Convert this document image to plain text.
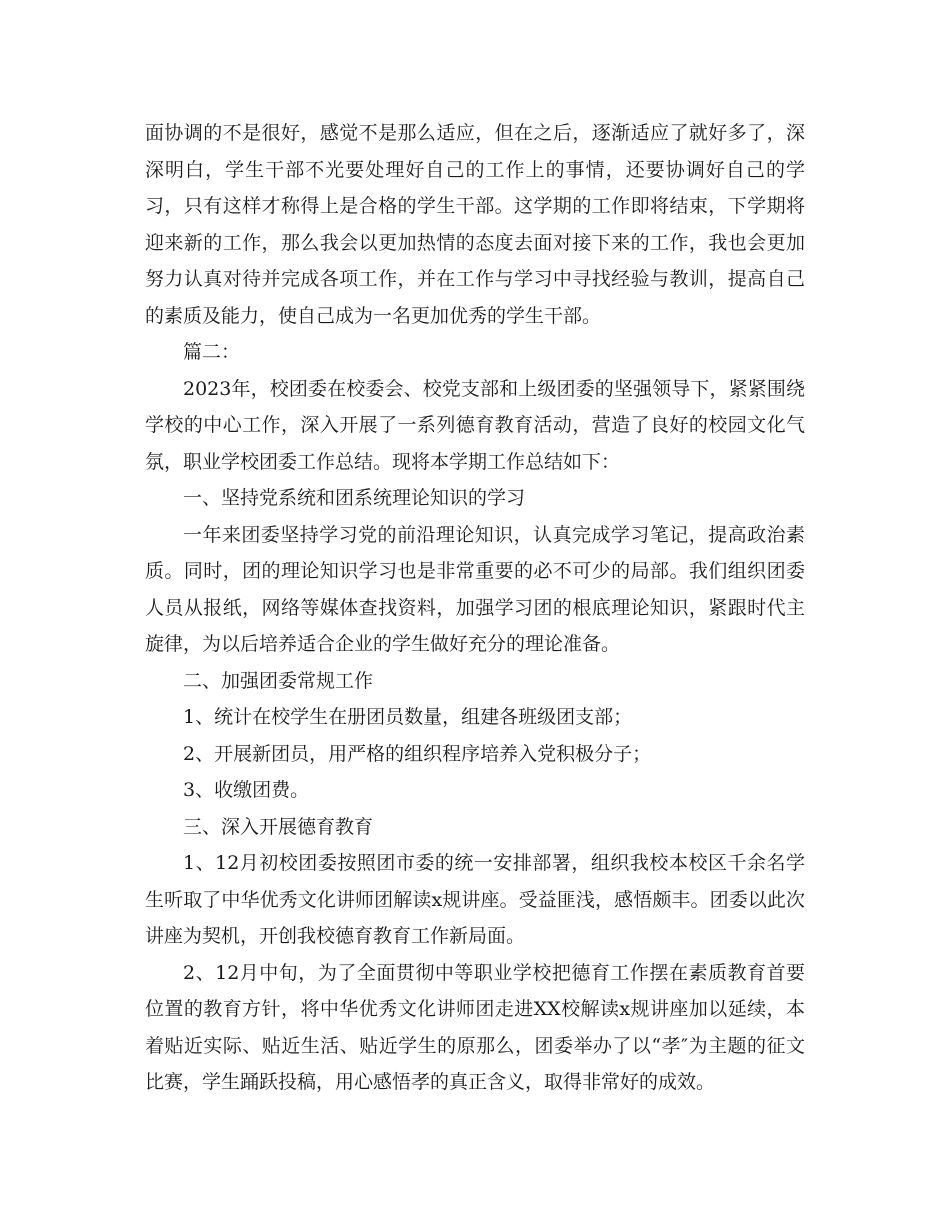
面协调的不是很好，感觉不是那么适应，但在之后，逐渐适应了就好多了，深深明白，学生干部不光要处理好自己的工作上的事情，还要协调好自己的学习，只有这样才称得上是合格的学生干部。这学期的工作即将结束，下学期将迎来新的工作，那么我会以更加热情的态度去面对接下来的工作，我也会更加努力认真对待并完成各项工作，并在工作与学习中寻找经验与教训，提高自己的素质及能力，使自己成为一名更加优秀的学生干部。

篇二：

2023年，校团委在校委会、校党支部和上级团委的坚强领导下，紧紧围绕学校的中心工作，深入开展了一系列德育教育活动，营造了良好的校园文化气氛，职业学校团委工作总结。现将本学期工作总结如下：

一、坚持党系统和团系统理论知识的学习

一年来团委坚持学习党的前沿理论知识，认真完成学习笔记，提高政治素质。同时，团的理论知识学习也是非常重要的必不可少的局部。我们组织团委人员从报纸，网络等媒体查找资料，加强学习团的根底理论知识，紧跟时代主旋律，为以后培养适合企业的学生做好充分的理论准备。

二、加强团委常规工作

1、统计在校学生在册团员数量，组建各班级团支部；

2、开展新团员，用严格的组织程序培养入党积极分子；

3、收缴团费。

三、深入开展德育教育

1、12月初校团委按照团市委的统一安排部署，组织我校本校区千余名学生听取了中华优秀文化讲师团解读x规讲座。受益匪浅，感悟颇丰。团委以此次讲座为契机，开创我校德育教育工作新局面。

2、12月中旬，为了全面贯彻中等职业学校把德育工作摆在素质教育首要位置的教育方针，将中华优秀文化讲师团走进XX校解读x规讲座加以延续，本着贴近实际、贴近生活、贴近学生的原那么，团委举办了以“孝″为主题的征文比赛，学生踊跃投稿，用心感悟孝的真正含义，取得非常好的成效。
